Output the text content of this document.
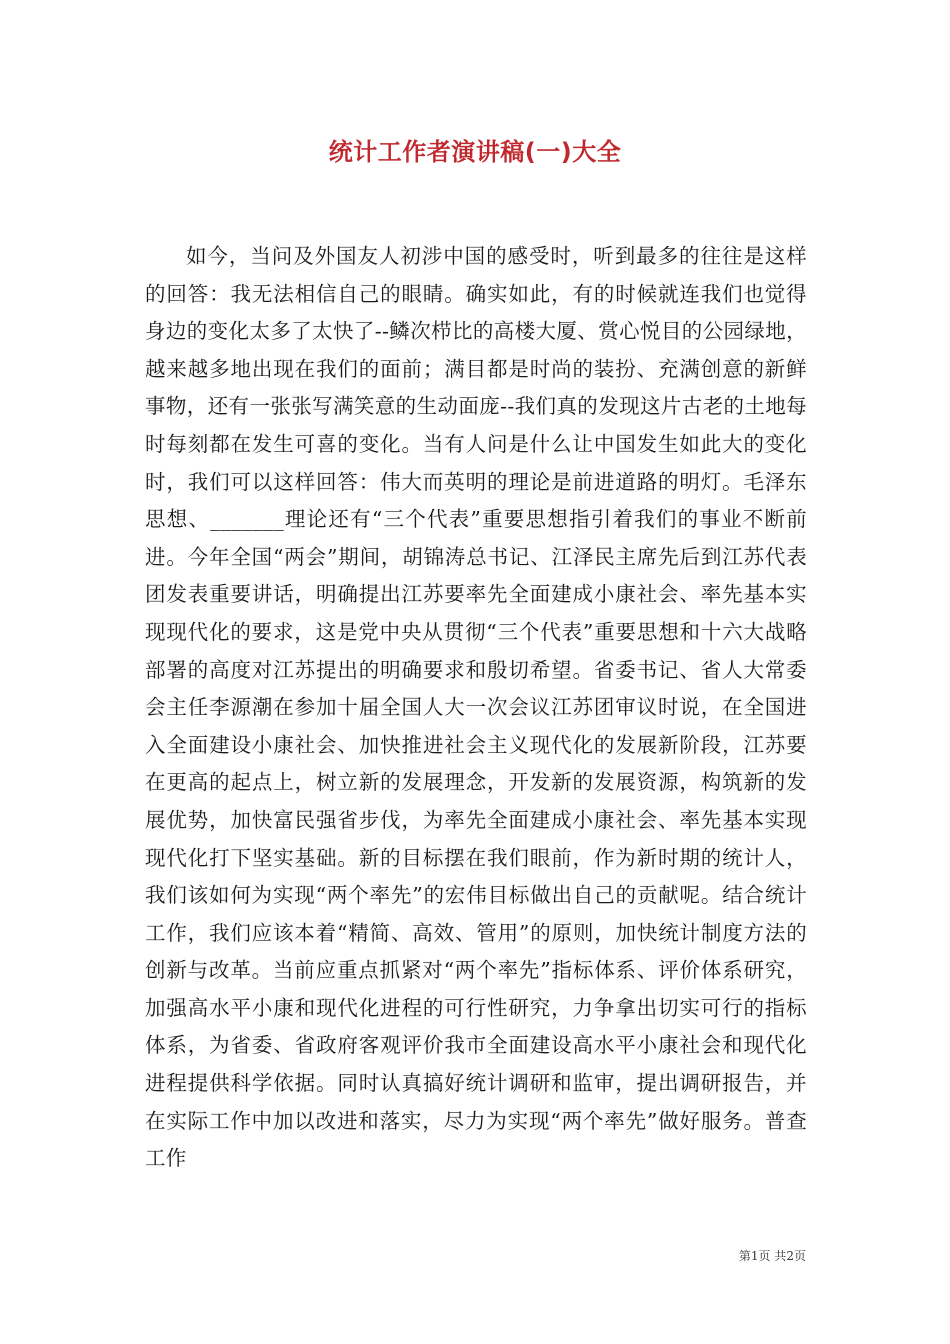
统计工作者演讲稿(一)大全

如今，当问及外国友人初涉中国的感受时，听到最多的往往是这样的回答：我无法相信自己的眼睛。确实如此，有的时候就连我们也觉得身边的变化太多了太快了--鳞次栉比的高楼大厦、赏心悦目的公园绿地，越来越多地出现在我们的面前；满目都是时尚的装扮、充满创意的新鲜事物，还有一张张写满笑意的生动面庞--我们真的发现这片古老的土地每时每刻都在发生可喜的变化。当有人问是什么让中国发生如此大的变化时，我们可以这样回答：伟大而英明的理论是前进道路的明灯。毛泽东思想、_______理论还有“三个代表”重要思想指引着我们的事业不断前进。今年全国“两会”期间，胡锦涛总书记、江泽民主席先后到江苏代表团发表重要讲话，明确提出江苏要率先全面建成小康社会、率先基本实现现代化的要求，这是党中央从贯彻“三个代表”重要思想和十六大战略部署的高度对江苏提出的明确要求和殷切希望。省委书记、省人大常委会主任李源潮在参加十届全国人大一次会议江苏团审议时说，在全国进入全面建设小康社会、加快推进社会主义现代化的发展新阶段，江苏要在更高的起点上，树立新的发展理念，开发新的发展资源，构筑新的发展优势，加快富民强省步伐，为率先全面建成小康社会、率先基本实现现代化打下坚实基础。新的目标摆在我们眼前，作为新时期的统计人，我们该如何为实现“两个率先”的宏伟目标做出自己的贡献呢。结合统计工作，我们应该本着“精简、高效、管用”的原则，加快统计制度方法的创新与改革。当前应重点抓紧对“两个率先”指标体系、评价体系研究，加强高水平小康和现代化进程的可行性研究，力争拿出切实可行的指标体系，为省委、省政府客观评价我市全面建设高水平小康社会和现代化进程提供科学依据。同时认真搞好统计调研和监审，提出调研报告，并在实际工作中加以改进和落实，尽力为实现“两个率先”做好服务。普查工作

第1页 共2页
